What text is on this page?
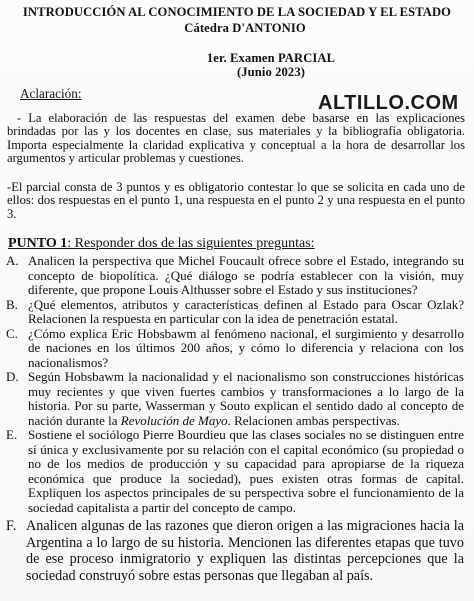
INTRODUCCIÓN AL CONOCIMIENTO DE LA SOCIEDAD Y EL ESTADO
Cátedra D'ANTONIO
1er. Examen PARCIAL
(Junio 2023)
ALTILLO.COM
Aclaración:
- La elaboración de las respuestas del examen debe basarse en las explicaciones brindadas por las y los docentes en clase, sus materiales y la bibliografía obligatoria. Importa especialmente la claridad explicativa y conceptual a la hora de desarrollar los argumentos y articular problemas y cuestiones.
-El parcial consta de 3 puntos y es obligatorio contestar lo que se solicita en cada uno de ellos: dos respuestas en el punto 1, una respuesta en el punto 2 y una respuesta en el punto 3.
PUNTO 1: Responder dos de las siguientes preguntas:
A. Analicen la perspectiva que Michel Foucault ofrece sobre el Estado, integrando su concepto de biopolítica. ¿Qué diálogo se podría establecer con la visión, muy diferente, que propone Louis Althusser sobre el Estado y sus instituciones?
B. ¿Qué elementos, atributos y características definen al Estado para Oscar Ozlak? Relacionen la respuesta en particular con la idea de penetración estatal.
C. ¿Cómo explica Eric Hobsbawm al fenómeno nacional, el surgimiento y desarrollo de naciones en los últimos 200 años, y cómo lo diferencia y relaciona con los nacionalismos?
D. Según Hobsbawm la nacionalidad y el nacionalismo son construcciones históricas muy recientes y que viven fuertes cambios y transformaciones a lo largo de la historia. Por su parte, Wasserman y Souto explican el sentido dado al concepto de nación durante la Revolución de Mayo. Relacionen ambas perspectivas.
E. Sostiene el sociólogo Pierre Bourdieu que las clases sociales no se distinguen entre sí única y exclusivamente por su relación con el capital económico (su propiedad o no de los medios de producción y su capacidad para apropiarse de la riqueza económica que produce la sociedad), pues existen otras formas de capital. Expliquen los aspectos principales de su perspectiva sobre el funcionamiento de la sociedad capitalista a partir del concepto de campo.
F. Analicen algunas de las razones que dieron origen a las migraciones hacia la Argentina a lo largo de su historia. Mencionen las diferentes etapas que tuvo de ese proceso inmigratorio y expliquen las distintas percepciones que la sociedad construyó sobre estas personas que llegaban al país.
